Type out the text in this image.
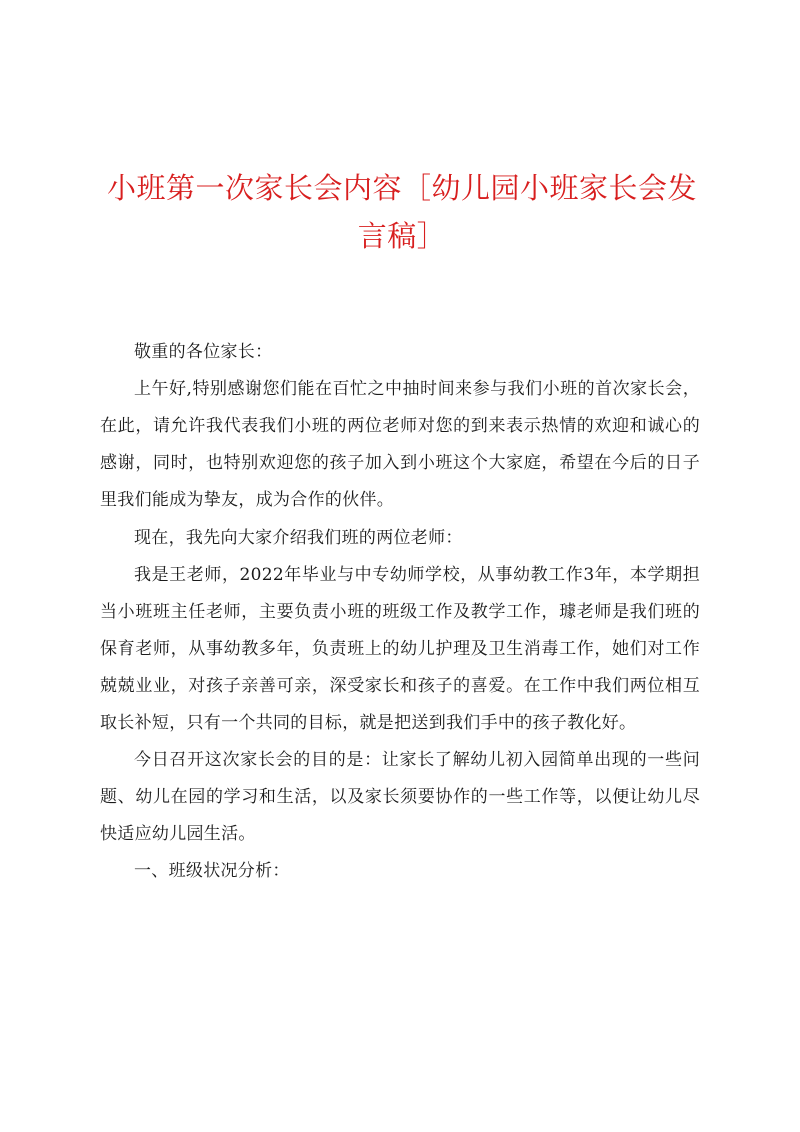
小班第一次家长会内容［幼儿园小班家长会发言稿］

敬重的各位家长：

上午好,特别感谢您们能在百忙之中抽时间来参与我们小班的首次家长会，在此，请允许我代表我们小班的两位老师对您的到来表示热情的欢迎和诚心的感谢，同时，也特别欢迎您的孩子加入到小班这个大家庭，希望在今后的日子里我们能成为挚友，成为合作的伙伴。

现在，我先向大家介绍我们班的两位老师：

我是王老师，2022年毕业与中专幼师学校，从事幼教工作3年，本学期担当小班班主任老师，主要负责小班的班级工作及教学工作，璩老师是我们班的保育老师，从事幼教多年，负责班上的幼儿护理及卫生消毒工作，她们对工作兢兢业业，对孩子亲善可亲，深受家长和孩子的喜爱。在工作中我们两位相互取长补短，只有一个共同的目标，就是把送到我们手中的孩子教化好。

今日召开这次家长会的目的是：让家长了解幼儿初入园简单出现的一些问题、幼儿在园的学习和生活，以及家长须要协作的一些工作等，以便让幼儿尽快适应幼儿园生活。

一、班级状况分析：
